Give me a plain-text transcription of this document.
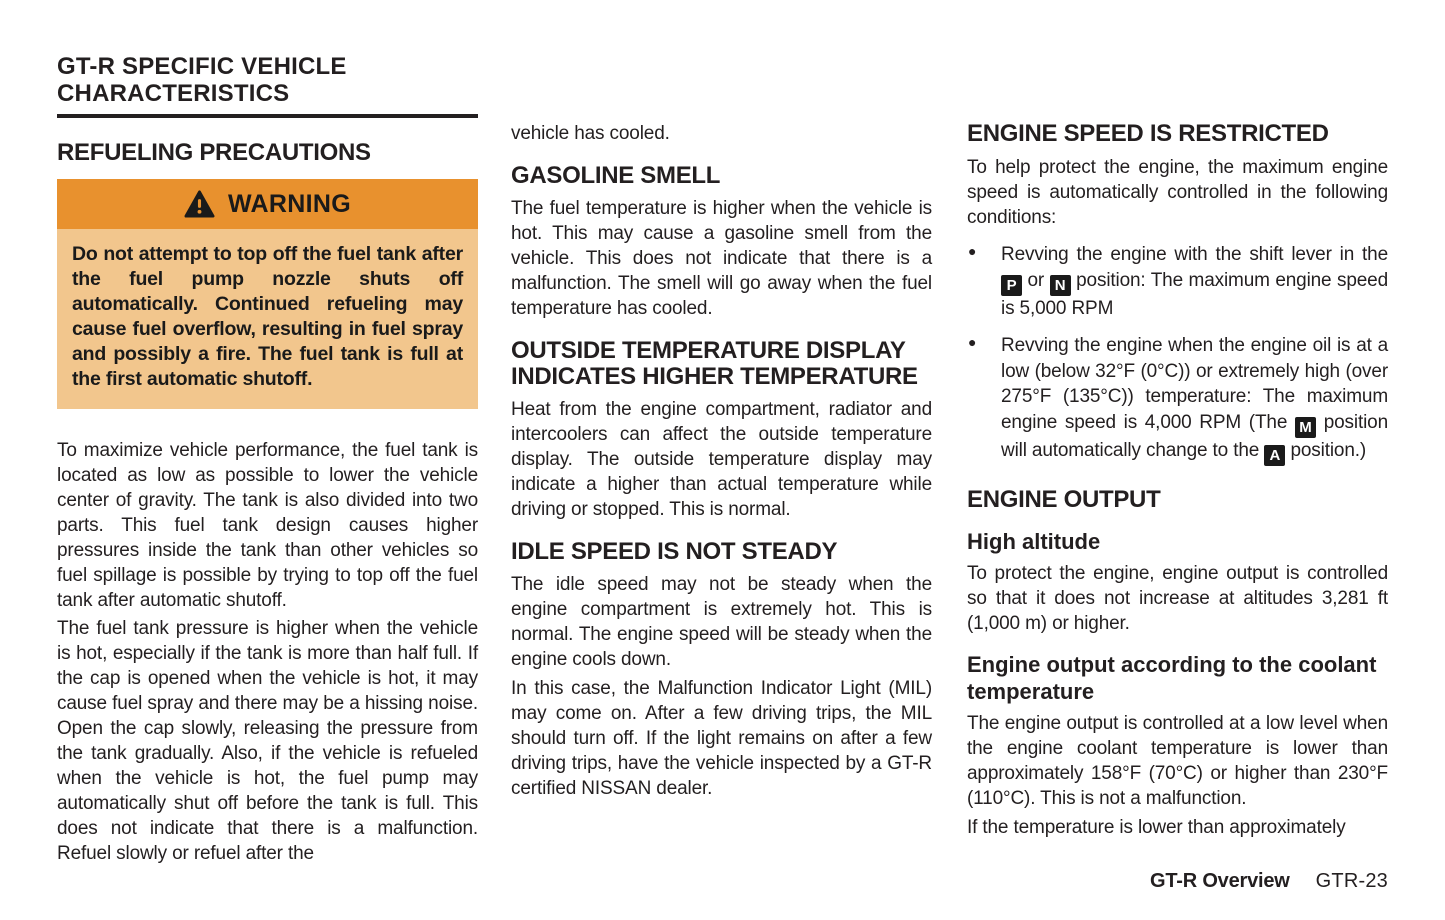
GT-R SPECIFIC VEHICLE CHARACTERISTICS
REFUELING PRECAUTIONS
WARNING
Do not attempt to top off the fuel tank after the fuel pump nozzle shuts off automatically. Continued refueling may cause fuel overflow, resulting in fuel spray and possibly a fire. The fuel tank is full at the first automatic shutoff.
To maximize vehicle performance, the fuel tank is located as low as possible to lower the vehicle center of gravity. The tank is also divided into two parts. This fuel tank design causes higher pressures inside the tank than other vehicles so fuel spillage is possible by trying to top off the fuel tank after automatic shutoff.
The fuel tank pressure is higher when the vehicle is hot, especially if the tank is more than half full. If the cap is opened when the vehicle is hot, it may cause fuel spray and there may be a hissing noise. Open the cap slowly, releasing the pressure from the tank gradually. Also, if the vehicle is refueled when the vehicle is hot, the fuel pump may automatically shut off before the tank is full. This does not indicate that there is a malfunction. Refuel slowly or refuel after the
vehicle has cooled.
GASOLINE SMELL
The fuel temperature is higher when the vehicle is hot. This may cause a gasoline smell from the vehicle. This does not indicate that there is a malfunction. The smell will go away when the fuel temperature has cooled.
OUTSIDE TEMPERATURE DISPLAY INDICATES HIGHER TEMPERATURE
Heat from the engine compartment, radiator and intercoolers can affect the outside temperature display. The outside temperature display may indicate a higher than actual temperature while driving or stopped. This is normal.
IDLE SPEED IS NOT STEADY
The idle speed may not be steady when the engine compartment is extremely hot. This is normal. The engine speed will be steady when the engine cools down.
In this case, the Malfunction Indicator Light (MIL) may come on. After a few driving trips, the MIL should turn off. If the light remains on after a few driving trips, have the vehicle inspected by a GT-R certified NISSAN dealer.
ENGINE SPEED IS RESTRICTED
To help protect the engine, the maximum engine speed is automatically controlled in the following conditions:
● Revving the engine with the shift lever in the P or N position: The maximum engine speed is 5,000 RPM
● Revving the engine when the engine oil is at a low (below 32°F (0°C)) or extremely high (over 275°F (135°C)) temperature: The maximum engine speed is 4,000 RPM (The M position will automatically change to the A position.)
ENGINE OUTPUT
High altitude
To protect the engine, engine output is controlled so that it does not increase at altitudes 3,281 ft (1,000 m) or higher.
Engine output according to the coolant temperature
The engine output is controlled at a low level when the engine coolant temperature is lower than approximately 158°F (70°C) or higher than 230°F (110°C). This is not a malfunction.
If the temperature is lower than approximately
GT-R Overview GTR-23
